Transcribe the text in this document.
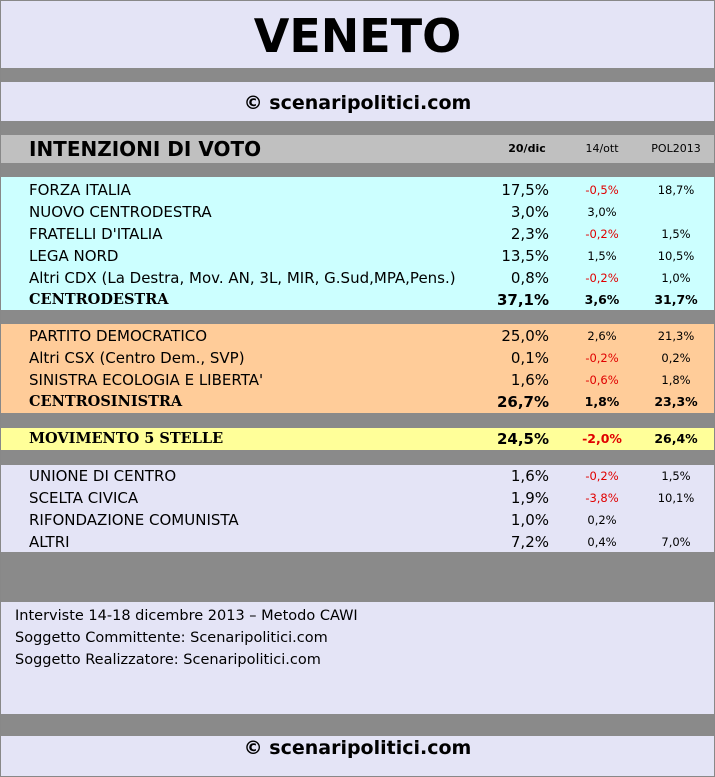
VENETO
© scenaripolitici.com
INTENZIONI DI VOTO	20/dic	14/ott	POL2013
FORZA ITALIA	17,5%	-0,5%	18,7%
NUOVO CENTRODESTRA	3,0%	3,0%
FRATELLI D'ITALIA	2,3%	-0,2%	1,5%
LEGA NORD	13,5%	1,5%	10,5%
Altri CDX (La Destra, Mov. AN, 3L, MIR, G.Sud,MPA,Pens.)	0,8%	-0,2%	1,0%
CENTRODESTRA	37,1%	3,6%	31,7%
PARTITO DEMOCRATICO	25,0%	2,6%	21,3%
Altri CSX (Centro Dem., SVP)	0,1%	-0,2%	0,2%
SINISTRA ECOLOGIA E LIBERTA'	1,6%	-0,6%	1,8%
CENTROSINISTRA	26,7%	1,8%	23,3%
MOVIMENTO 5 STELLE	24,5%	-2,0%	26,4%
UNIONE DI CENTRO	1,6%	-0,2%	1,5%
SCELTA CIVICA	1,9%	-3,8%	10,1%
RIFONDAZIONE COMUNISTA	1,0%	0,2%
ALTRI	7,2%	0,4%	7,0%
Interviste 14-18 dicembre 2013 – Metodo CAWI
Soggetto Committente: Scenaripolitici.com
Soggetto Realizzatore: Scenaripolitici.com
© scenaripolitici.com
